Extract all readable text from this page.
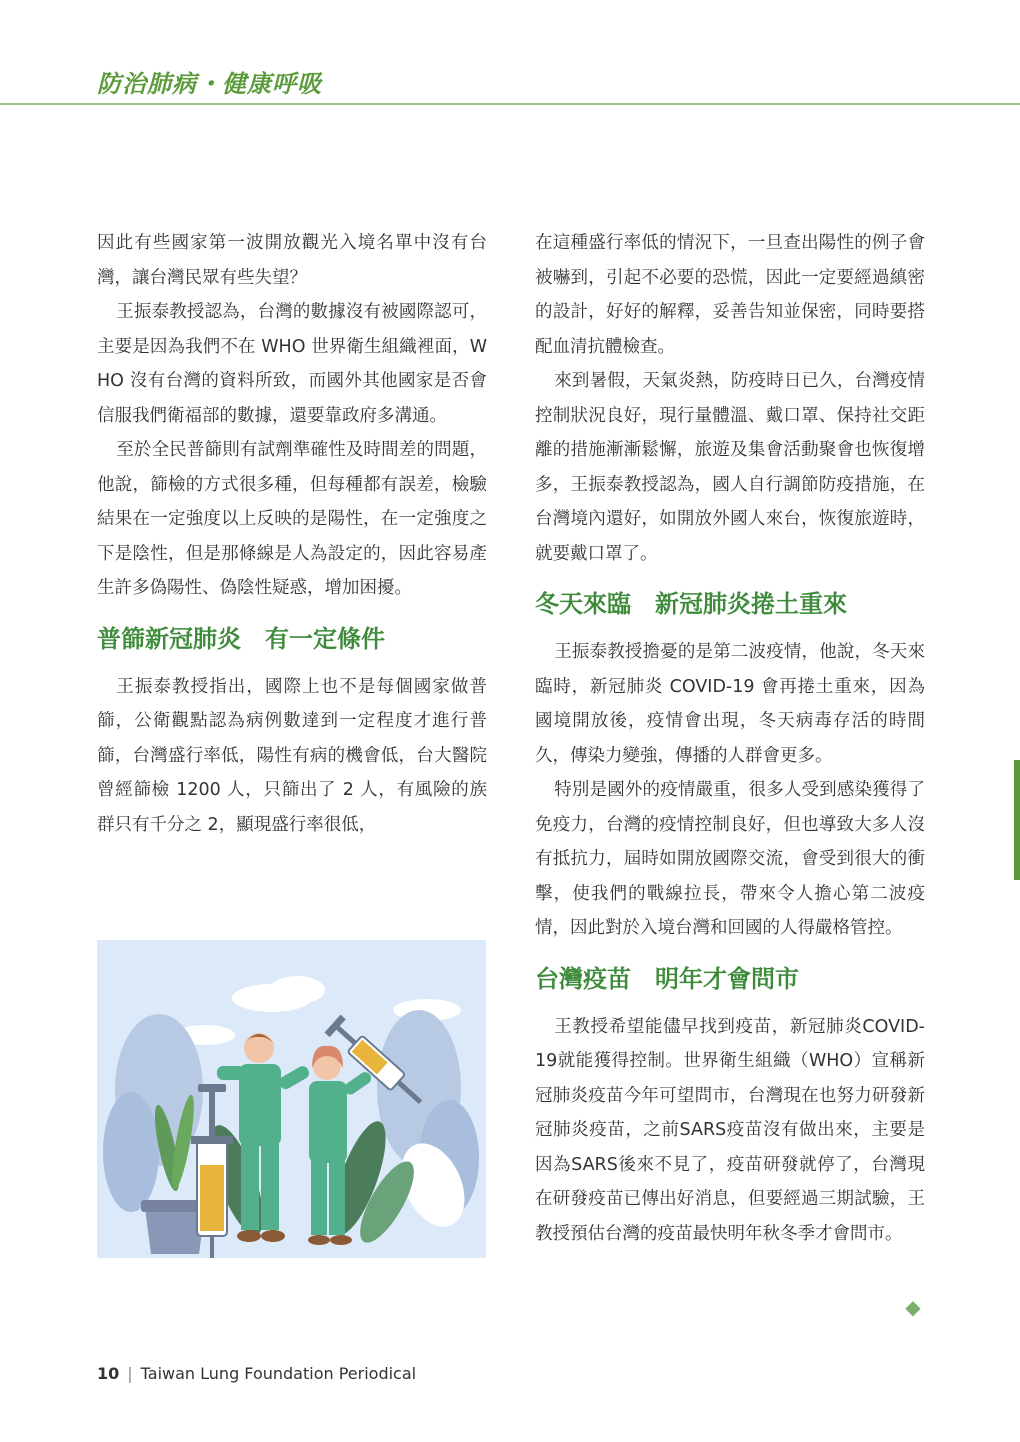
防治肺病・健康呼吸

因此有些國家第一波開放觀光入境名單中沒有台灣，讓台灣民眾有些失望？

王振泰教授認為，台灣的數據沒有被國際認可，主要是因為我們不在 WHO 世界衛生組織裡面，WHO 沒有台灣的資料所致，而國外其他國家是否會信服我們衛福部的數據，還要靠政府多溝通。

至於全民普篩則有試劑準確性及時間差的問題，他說，篩檢的方式很多種，但每種都有誤差，檢驗結果在一定強度以上反映的是陽性，在一定強度之下是陰性，但是那條線是人為設定的，因此容易產生許多偽陽性、偽陰性疑惑，增加困擾。

普篩新冠肺炎　有一定條件

王振泰教授指出，國際上也不是每個國家做普篩，公衛觀點認為病例數達到一定程度才進行普篩，台灣盛行率低，陽性有病的機會低，台大醫院曾經篩檢 1200 人，只篩出了 2 人，有風險的族群只有千分之 2，顯現盛行率很低，

在這種盛行率低的情況下，一旦查出陽性的例子會被嚇到，引起不必要的恐慌，因此一定要經過縝密的設計，好好的解釋，妥善告知並保密，同時要搭配血清抗體檢查。

來到暑假，天氣炎熱，防疫時日已久，台灣疫情控制狀況良好，現行量體溫、戴口罩、保持社交距離的措施漸漸鬆懈，旅遊及集會活動聚會也恢復增多，王振泰教授認為，國人自行調節防疫措施，在台灣境內還好，如開放外國人來台，恢復旅遊時，就要戴口罩了。

冬天來臨　新冠肺炎捲土重來

王振泰教授擔憂的是第二波疫情，他說，冬天來臨時，新冠肺炎 COVID-19 會再捲土重來，因為國境開放後，疫情會出現，冬天病毒存活的時間久，傳染力變強，傳播的人群會更多。

特別是國外的疫情嚴重，很多人受到感染獲得了免疫力，台灣的疫情控制良好，但也導致大多人沒有抵抗力，屆時如開放國際交流，會受到很大的衝擊，使我們的戰線拉長，帶來令人擔心第二波疫情，因此對於入境台灣和回國的人得嚴格管控。

台灣疫苗　明年才會問市

王教授希望能儘早找到疫苗，新冠肺炎COVID-19就能獲得控制。世界衛生組織（WHO）宣稱新冠肺炎疫苗今年可望問市，台灣現在也努力研發新冠肺炎疫苗，之前SARS疫苗沒有做出來，主要是因為SARS後來不見了，疫苗研發就停了，台灣現在研發疫苗已傳出好消息，但要經過三期試驗，王教授預估台灣的疫苗最快明年秋冬季才會問市。

◆
10 | Taiwan Lung Foundation Periodical
